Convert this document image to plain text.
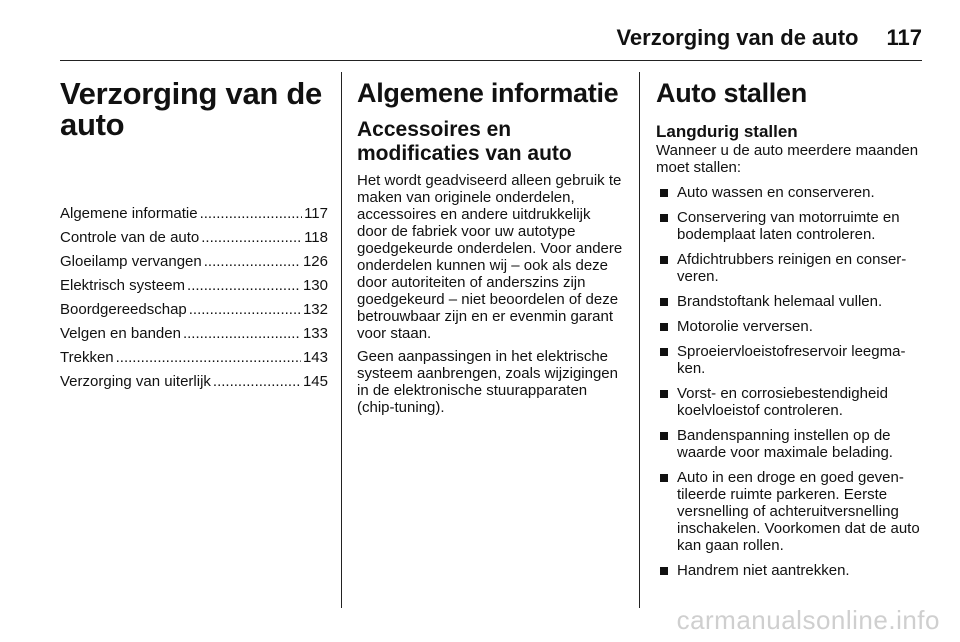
Verzorging van de auto 117
Verzorging van de auto
Algemene informatie .....	117
Controle van de auto .....	118
Gloeilamp vervangen .....	126
Elektrisch systeem .....	130
Boordgereedschap .....	132
Velgen en banden .....	133
Trekken .....	143
Verzorging van uiterlijk .....	145
Algemene informatie
Accessoires en modificaties van auto

Het wordt geadviseerd alleen gebruik te maken van originele onderdelen, accessoires en andere uitdrukkelijk door de fabriek voor uw autotype goedgekeurde onderdelen. Voor andere onderdelen kunnen wij – ook als deze door autoriteiten of anderszins zijn goedgekeurd – niet beoordelen of deze betrouwbaar zijn en er evenmin garant voor staan.

Geen aanpassingen in het elektrische systeem aanbrengen, zoals wijzigingen in de elektronische stuurapparaten (chip-tuning).

Auto stallen
Langdurig stallen

Wanneer u de auto meerdere maanden moet stallen:

Auto wassen en conserveren.
Conservering van motorruimte en bodemplaat laten controleren.
Afdichtrubbers reinigen en conserveren.
Brandstoftank helemaal vullen.
Motorolie verversen.
Sproeiervloeistofreservoir leegmaken.
Vorst- en corrosiebestendigheid koelvloeistof controleren.
Bandenspanning instellen op de waarde voor maximale belading.
Auto in een droge en goed geventileerde ruimte parkeren. Eerste versnelling of achteruitversnelling inschakelen. Voorkomen dat de auto kan gaan rollen.
Handrem niet aantrekken.
carmanualsonline.info
